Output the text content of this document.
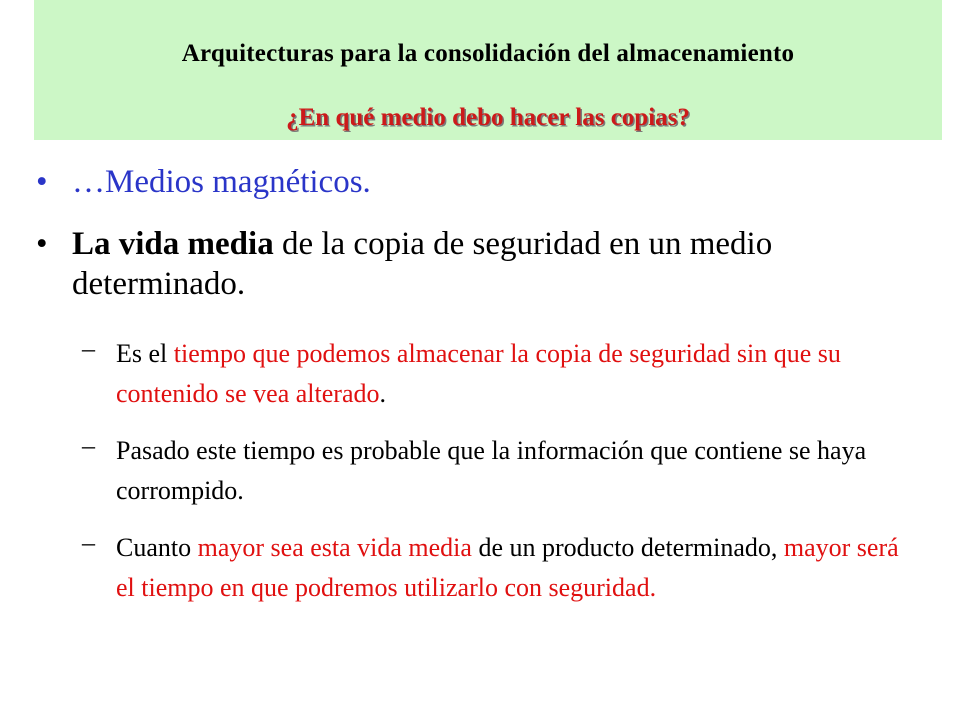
Arquitecturas para la consolidación del almacenamiento
¿En qué medio debo hacer las copias?
• …Medios magnéticos.
• La vida media de la copia de seguridad en un medio determinado.
– Es el tiempo que podemos almacenar la copia de seguridad sin que su contenido se vea alterado.
– Pasado este tiempo es probable que la información que contiene se haya corrompido.
– Cuanto mayor sea esta vida media de un producto determinado, mayor será el tiempo en que podremos utilizarlo con seguridad.
